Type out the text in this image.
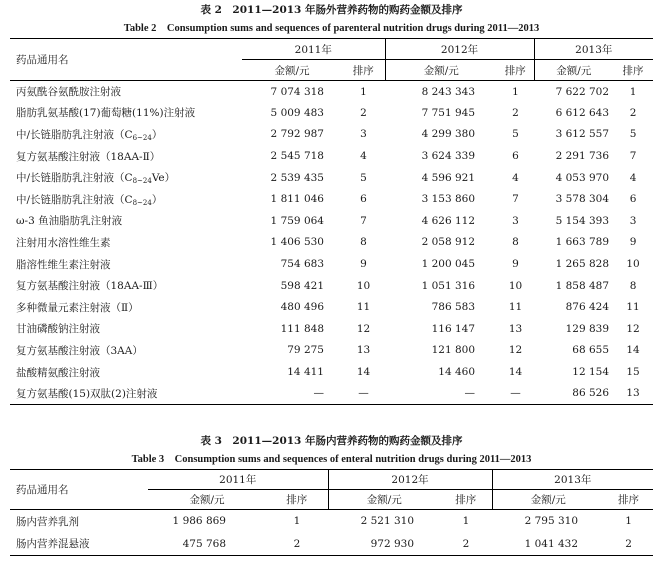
表 2　2011—2013 年肠外营养药物的购药金额及排序
Table 2　Consumption sums and sequences of parenteral nutrition drugs during 2011—2013
药品通用名	2011年		2012年		2013年	
	金额/元	排序	金额/元	排序	金额/元	排序
丙氨酰谷氨酰胺注射液	7 074 318	1	8 243 343	1	7 622 702	1
脂肪乳氨基酸(17)葡萄糖(11%)注射液	5 009 483	2	7 751 945	2	6 612 643	2
中/长链脂肪乳注射液$(C_{6\sim 24})$	2 792 987	3	4 299 380	5	3 612 557	5
复方氨基酸注射液（18AA-Ⅱ）	2 545 718	4	3 624 339	6	2 291 736	7
中/长链脂肪乳注射液$(C_{8\sim 24}Ve)$	2 539 435	5	4 596 921	4	4 053 970	4
中/长链脂肪乳注射液$(C_{8\sim 24})$	1 811 046	6	3 153 860	7	3 578 304	6
ω-3 鱼油脂肪乳注射液	1 759 064	7	4 626 112	3	5 154 393	3
注射用水溶性维生素	1 406 530	8	2 058 912	8	1 663 789	9
脂溶性维生素注射液	754 683	9	1 200 045	9	1 265 828	10
复方氨基酸注射液（18AA-Ⅲ）	598 421	10	1 051 316	10	1 858 487	8
多种微量元素注射液（Ⅱ）	480 496	11	786 583	11	876 424	11
甘油磷酸钠注射液	111 848	12	116 147	13	129 839	12
复方氨基酸注射液（3AA）	79 275	13	121 800	12	68 655	14
盐酸精氨酸注射液	14 411	14	14 460	14	12 154	15
复方氨基酸(15)双肽(2)注射液	—	—	—	—	86 526	13
表 3　2011—2013 年肠内营养药物的购药金额及排序
Table 3　Consumption sums and sequences of enteral nutrition drugs during 2011—2013
药品通用名	2011年		2012年		2013年	
	金额/元	排序	金额/元	排序	金额/元	排序
肠内营养乳剂	1 986 869	1	2 521 310	1	2 795 310	1
肠内营养混悬液	475 768	2	972 930	2	1 041 432	2
